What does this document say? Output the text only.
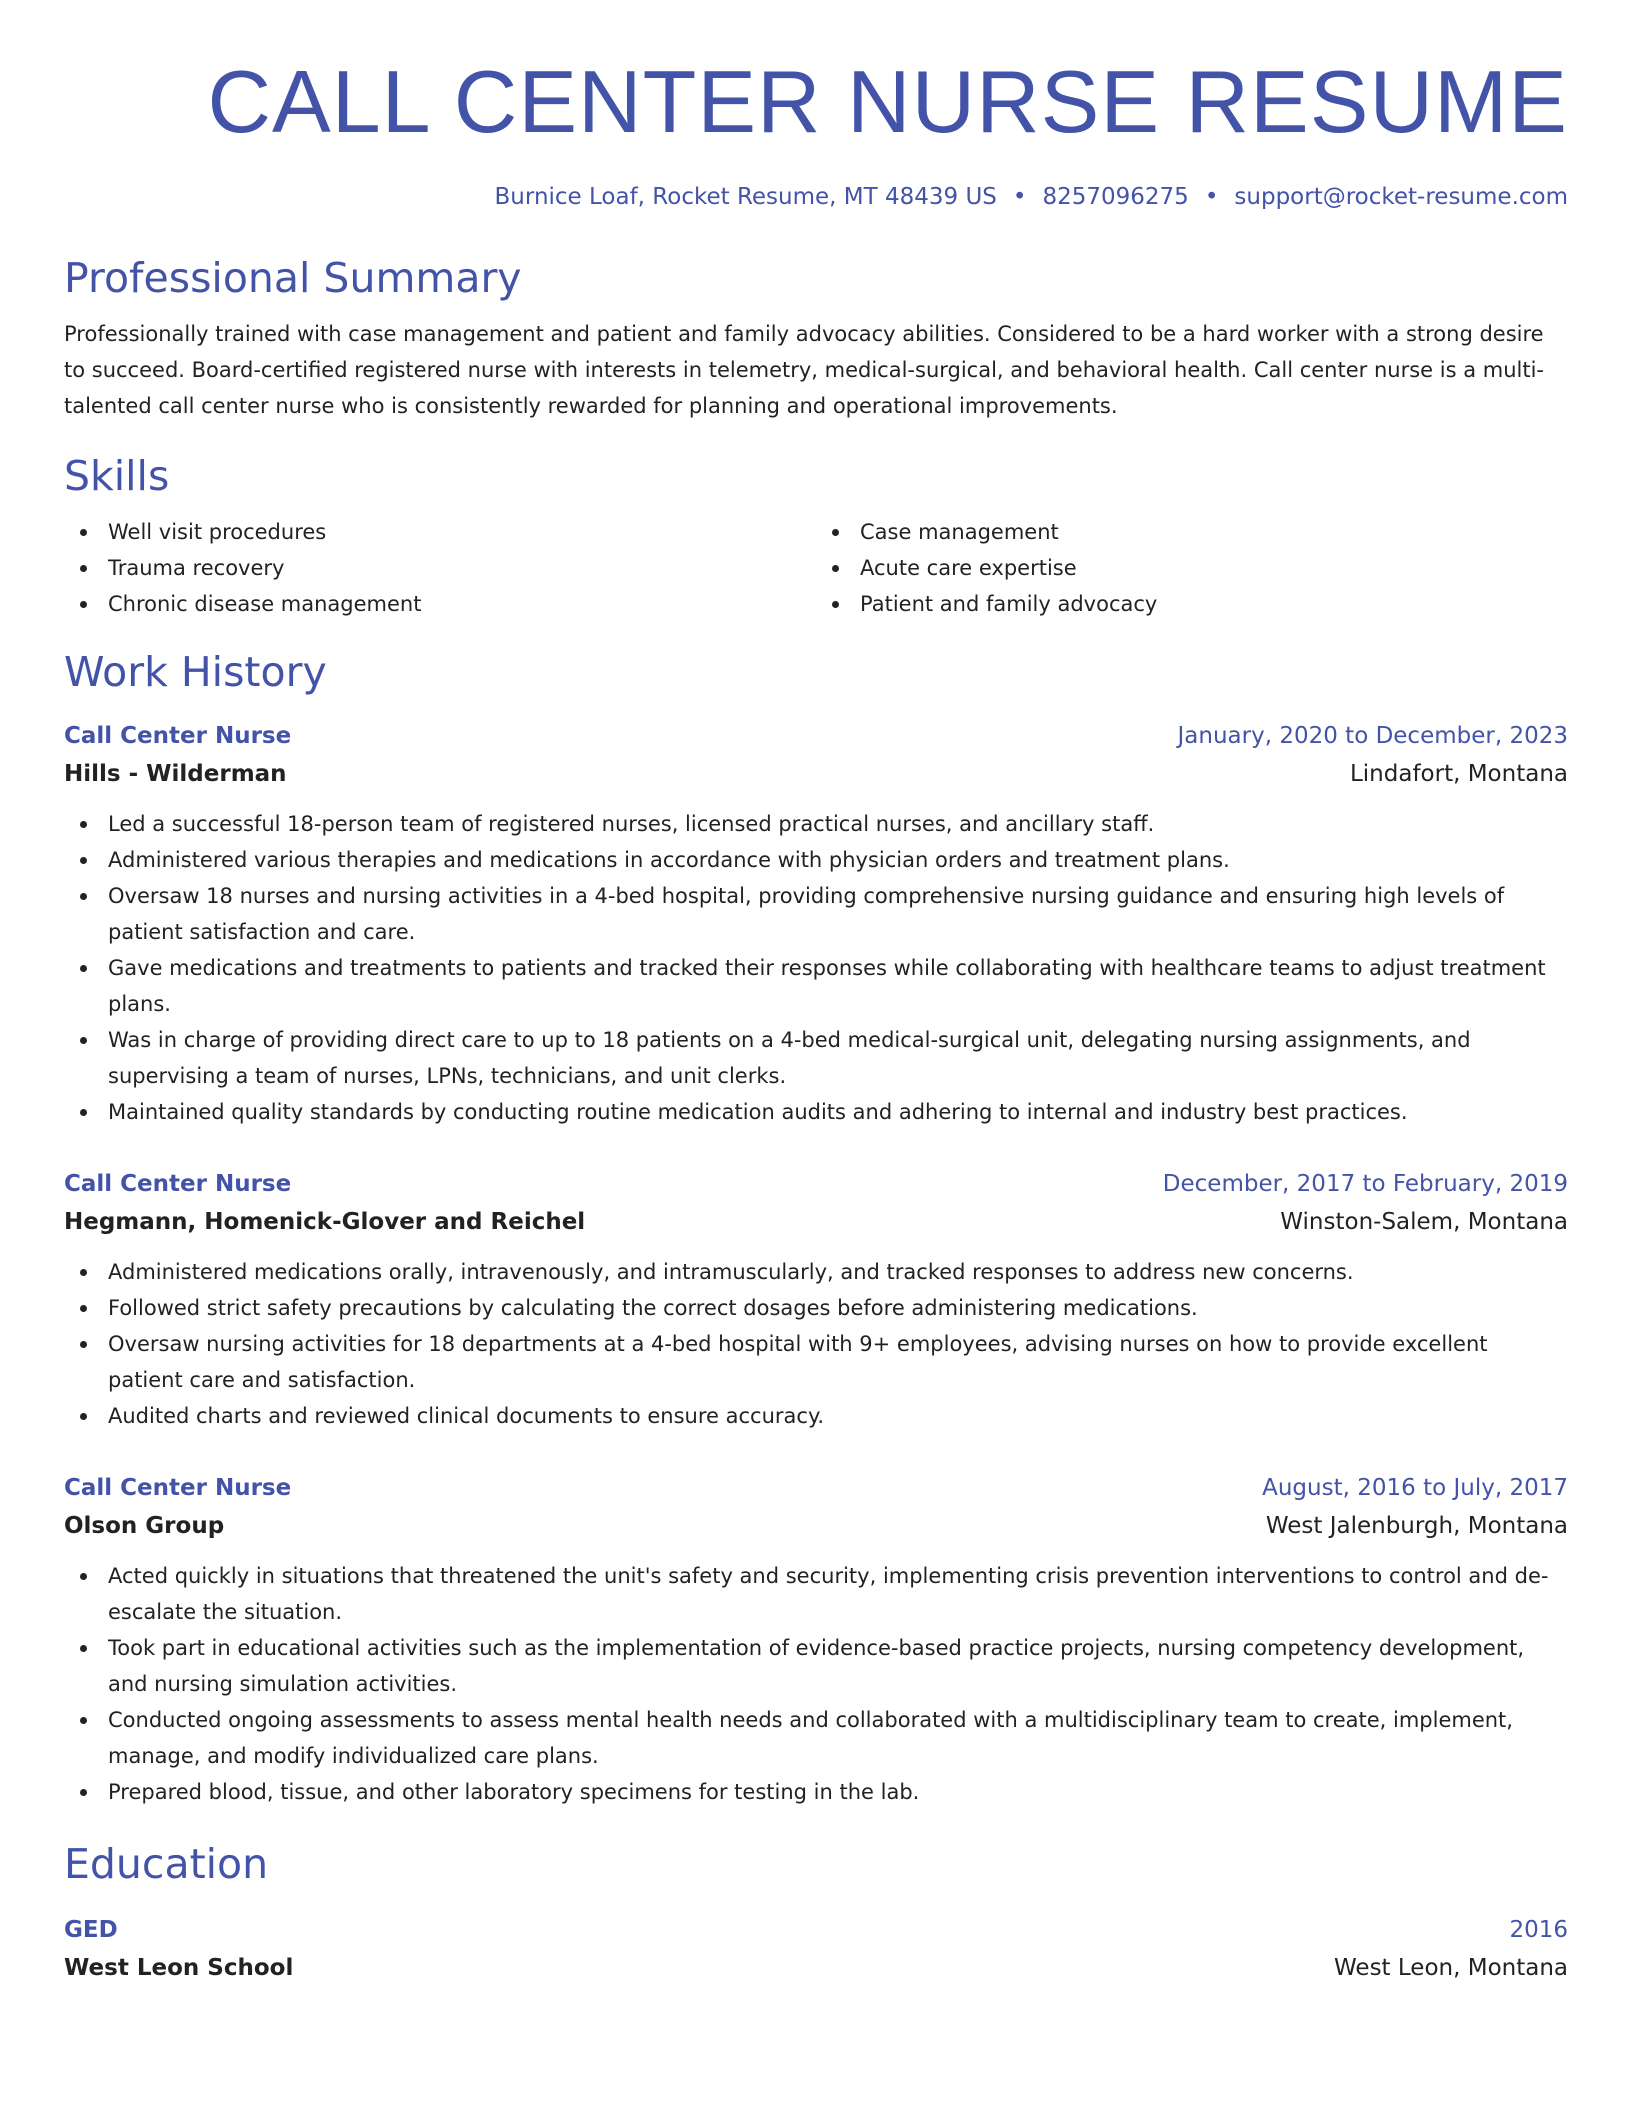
CALL CENTER NURSE RESUME
Burnice Loaf, Rocket Resume, MT 48439 US • 8257096275 • support@rocket-resume.com
Professional Summary

Professionally trained with case management and patient and family advocacy abilities. Considered to be a hard worker with a strong desire to succeed. Board-certified registered nurse with interests in telemetry, medical-surgical, and behavioral health. Call center nurse is a multi-talented call center nurse who is consistently rewarded for planning and operational improvements.

Skills
Well visit procedures
Trauma recovery
Chronic disease management
Case management
Acute care expertise
Patient and family advocacy
Work History
Call Center Nurse	January, 2020 to December, 2023
Hills - Wilderman	Lindafort, Montana
Led a successful 18-person team of registered nurses, licensed practical nurses, and ancillary staff.
Administered various therapies and medications in accordance with physician orders and treatment plans.
Oversaw 18 nurses and nursing activities in a 4-bed hospital, providing comprehensive nursing guidance and ensuring high levels of patient satisfaction and care.
Gave medications and treatments to patients and tracked their responses while collaborating with healthcare teams to adjust treatment plans.
Was in charge of providing direct care to up to 18 patients on a 4-bed medical-surgical unit, delegating nursing assignments, and supervising a team of nurses, LPNs, technicians, and unit clerks.
Maintained quality standards by conducting routine medication audits and adhering to internal and industry best practices.
Call Center Nurse	December, 2017 to February, 2019
Hegmann, Homenick-Glover and Reichel	Winston-Salem, Montana
Administered medications orally, intravenously, and intramuscularly, and tracked responses to address new concerns.
Followed strict safety precautions by calculating the correct dosages before administering medications.
Oversaw nursing activities for 18 departments at a 4-bed hospital with 9+ employees, advising nurses on how to provide excellent patient care and satisfaction.
Audited charts and reviewed clinical documents to ensure accuracy.
Call Center Nurse	August, 2016 to July, 2017
Olson Group	West Jalenburgh, Montana
Acted quickly in situations that threatened the unit's safety and security, implementing crisis prevention interventions to control and de-escalate the situation.
Took part in educational activities such as the implementation of evidence-based practice projects, nursing competency development, and nursing simulation activities.
Conducted ongoing assessments to assess mental health needs and collaborated with a multidisciplinary team to create, implement, manage, and modify individualized care plans.
Prepared blood, tissue, and other laboratory specimens for testing in the lab.
Education
GED	2016
West Leon School	West Leon, Montana
